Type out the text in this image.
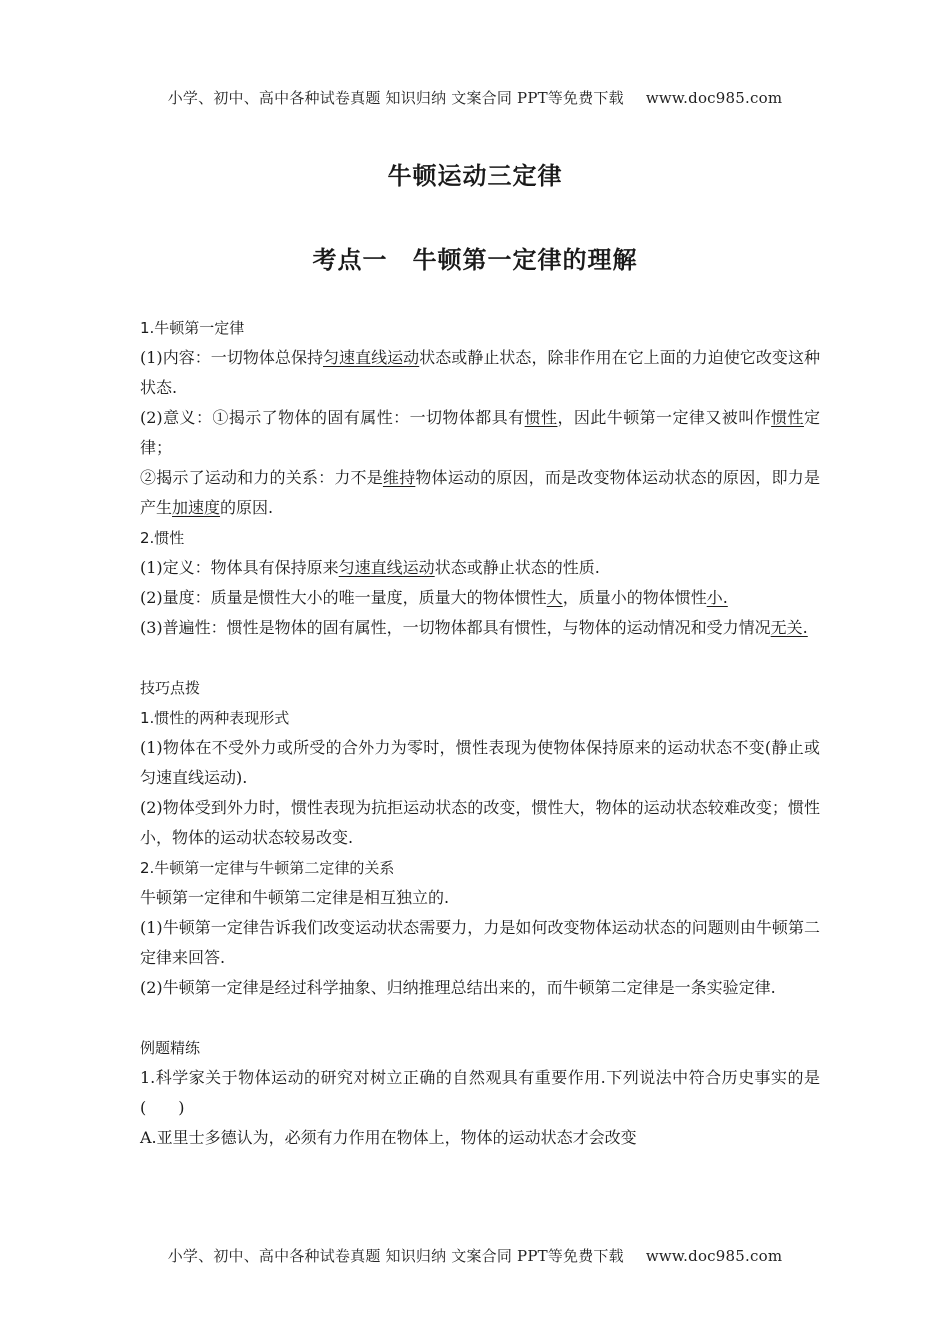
小学、初中、高中各种试卷真题 知识归纳 文案合同 PPT等免费下载 www.doc985.com
牛顿运动三定律
考点一　牛顿第一定律的理解

1.牛顿第一定律

(1)内容：一切物体总保持匀速直线运动状态或静止状态，除非作用在它上面的力迫使它改变这种状态.

(2)意义：①揭示了物体的固有属性：一切物体都具有惯性，因此牛顿第一定律又被叫作惯性定律；

②揭示了运动和力的关系：力不是维持物体运动的原因，而是改变物体运动状态的原因，即力是产生加速度的原因.

2.惯性

(1)定义：物体具有保持原来匀速直线运动状态或静止状态的性质.

(2)量度：质量是惯性大小的唯一量度，质量大的物体惯性大，质量小的物体惯性小.

(3)普遍性：惯性是物体的固有属性，一切物体都具有惯性，与物体的运动情况和受力情况无关.

技巧点拨

1.惯性的两种表现形式

(1)物体在不受外力或所受的合外力为零时，惯性表现为使物体保持原来的运动状态不变(静止或匀速直线运动).

(2)物体受到外力时，惯性表现为抗拒运动状态的改变，惯性大，物体的运动状态较难改变；惯性小，物体的运动状态较易改变.

2.牛顿第一定律与牛顿第二定律的关系

牛顿第一定律和牛顿第二定律是相互独立的.

(1)牛顿第一定律告诉我们改变运动状态需要力，力是如何改变物体运动状态的问题则由牛顿第二定律来回答.

(2)牛顿第一定律是经过科学抽象、归纳推理总结出来的，而牛顿第二定律是一条实验定律.

例题精练

1.科学家关于物体运动的研究对树立正确的自然观具有重要作用.下列说法中符合历史事实的是(　　)

A.亚里士多德认为，必须有力作用在物体上，物体的运动状态才会改变

小学、初中、高中各种试卷真题 知识归纳 文案合同 PPT等免费下载 www.doc985.com
